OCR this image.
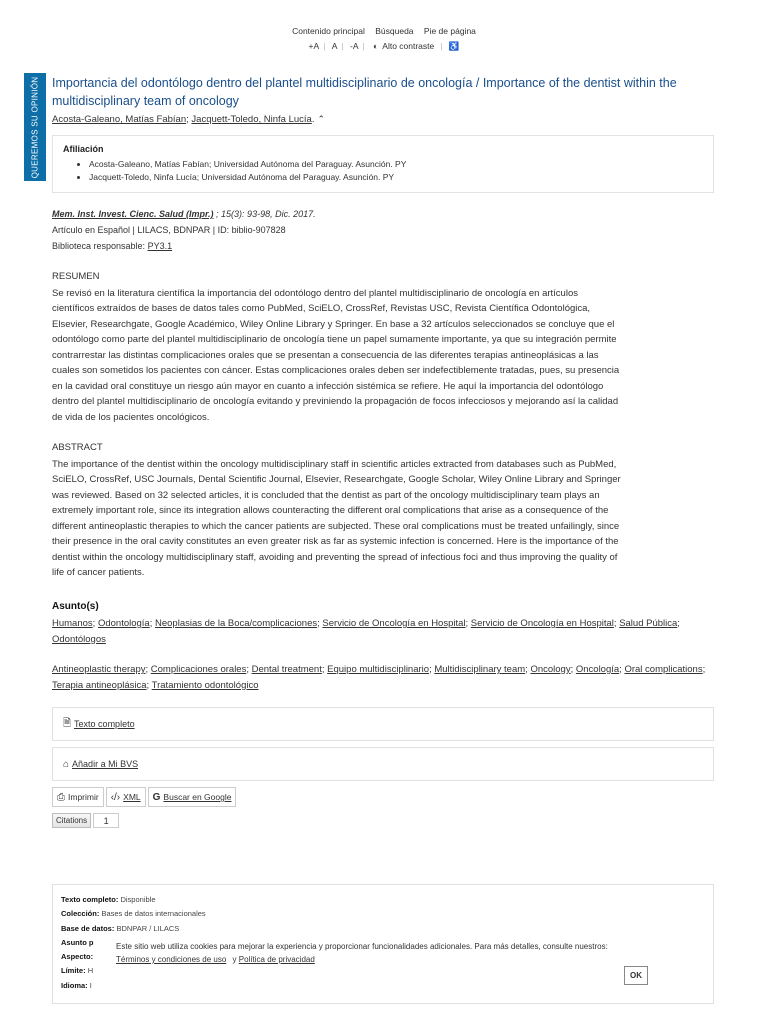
Contenido principal Búsqueda Pie de página
+A | A | -A | ◐ Alto contraste | ♿
QUEREMOS SU OPINIÓN Importancia del odontólogo dentro del plantel multidisciplinario de oncología / Importance of the dentist within the multidisciplinary team of oncology
Acosta-Galeano, Matías Fabían; Jacquett-Toledo, Ninfa Lucía. ⌃
Afiliación
• Acosta-Galeano, Matías Fabían; Universidad Autónoma del Paraguay. Asunción. PY
• Jacquett-Toledo, Ninfa Lucía; Universidad Autónoma del Paraguay. Asunción. PY
Mem. Inst. Invest. Cienc. Salud (Impr.) ; 15(3): 93-98, Dic. 2017.
Artículo en Español | LILACS, BDNPAR | ID: biblio-907828
Biblioteca responsable: PY3.1

RESUMEN

Se revisó en la literatura científica la importancia del odontólogo dentro del plantel multidisciplinario de oncología en artículos científicos extraídos de bases de datos tales como PubMed, SciELO, CrossRef, Revistas USC, Revista Científica Odontológica, Elsevier, Researchgate, Google Académico, Wiley Online Library y Springer. En base a 32 artículos seleccionados se concluye que el odontólogo como parte del plantel multidisciplinario de oncología tiene un papel sumamente importante, ya que su integración permite contrarrestar las distintas complicaciones orales que se presentan a consecuencia de las diferentes terapias antineoplásicas a las cuales son sometidos los pacientes con cáncer. Estas complicaciones orales deben ser indefectiblemente tratadas, pues, su presencia en la cavidad oral constituye un riesgo aún mayor en cuanto a infección sistémica se refiere. He aquí la importancia del odontólogo dentro del plantel multidisciplinario de oncología evitando y previniendo la propagación de focos infecciosos y mejorando así la calidad de vida de los pacientes oncológicos.

ABSTRACT

The importance of the dentist within the oncology multidisciplinary staff in scientific articles extracted from databases such as PubMed, SciELO, CrossRef, USC Journals, Dental Scientific Journal, Elsevier, Researchgate, Google Scholar, Wiley Online Library and Springer was reviewed. Based on 32 selected articles, it is concluded that the dentist as part of the oncology multidisciplinary team plays an extremely important role, since its integration allows counteracting the different oral complications that arise as a consequence of the different antineoplastic therapies to which the cancer patients are subjected. These oral complications must be treated unfailingly, since their presence in the oral cavity constitutes an even greater risk as far as systemic infection is concerned. Here is the importance of the dentist within the oncology multidisciplinary staff, avoiding and preventing the spread of infectious foci and thus improving the quality of life of cancer patients.

Asunto(s)
Humanos; Odontología; Neoplasias de la Boca/complicaciones; Servicio de Oncología en Hospital; Servicio de Oncología en Hospital; Salud Pública; Odontólogos
Antineoplastic therapy; Complicaciones orales; Dental treatment; Equipo multidisciplinario; Multidisciplinary team; Oncology; Oncología; Oral complications; Terapia antineoplásica; Tratamiento odontológico
🗎 Texto completo
⌂ Añadir a Mi BVS
⎙ Imprimir ‹/› XML G Buscar en Google
Citations	1
Texto completo: Disponible
Colección: Bases de datos internacionales
Base de datos: BDNPAR / LILACS
Asunto p
Aspecto:
Límite: H
Idioma: I
Este sitio web utiliza cookies para mejorar la experiencia y proporcionar funcionalidades adicionales. Para más detalles, consulte nuestros:
Términos y condiciones de uso y Política de privacidad
OK
